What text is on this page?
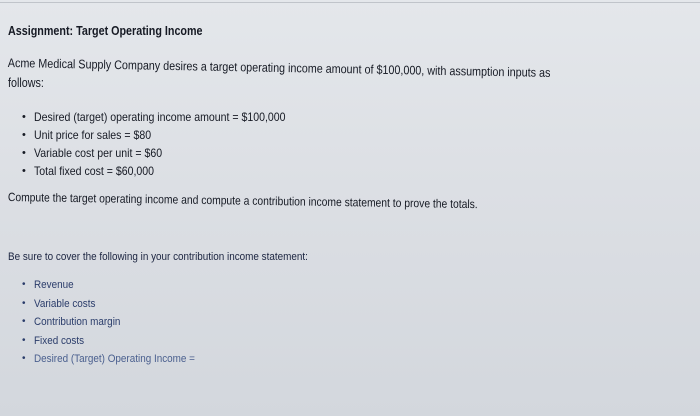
Assignment: Target Operating Income
Acme Medical Supply Company desires a target operating income amount of $100,000, with assumption inputs as
follows:
• Desired (target) operating income amount = $100,000
• Unit price for sales = $80
• Variable cost per unit = $60
• Total fixed cost = $60,000
Compute the target operating income and compute a contribution income statement to prove the totals.
Be sure to cover the following in your contribution income statement:
• Revenue
• Variable costs
• Contribution margin
• Fixed costs
• Desired (Target) Operating Income =
